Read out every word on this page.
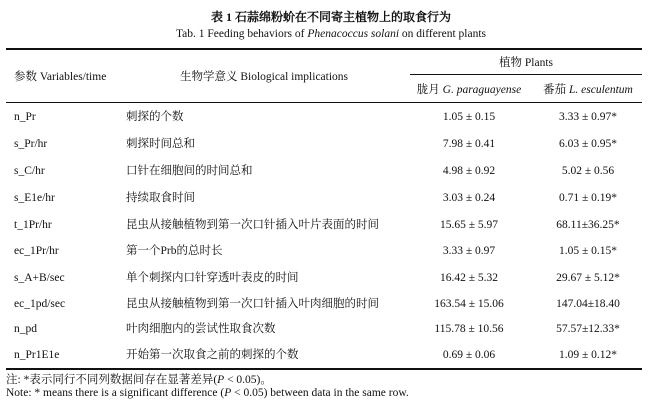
表 1 石蒜绵粉蚧在不同寄主植物上的取食行为
Tab. 1 Feeding behaviors of Phenacoccus solani on different plants
参数 Variables/time	生物学意义 Biological implications
植物 Plants
胧月 G. paraguayense	番茄 L. esculentum
n_Pr	刺探的个数	1.05 ± 0.15	3.33 ± 0.97*
s_Pr/hr	刺探时间总和	7.98 ± 0.41	6.03 ± 0.95*
s_C/hr	口针在细胞间的时间总和	4.98 ± 0.92	5.02 ± 0.56
s_E1e/hr	持续取食时间	3.03 ± 0.24	0.71 ± 0.19*
t_1Pr/hr	昆虫从接触植物到第一次口针插入叶片表面的时间	15.65 ± 5.97	68.11±36.25*
ec_1Pr/hr	第一个Prb的总时长	3.33 ± 0.97	1.05 ± 0.15*
s_A+B/sec	单个刺探内口针穿透叶表皮的时间	16.42 ± 5.32	29.67 ± 5.12*
ec_1pd/sec	昆虫从接触植物到第一次口针插入叶肉细胞的时间	163.54 ± 15.06	147.04±18.40
n_pd	叶肉细胞内的尝试性取食次数	115.78 ± 10.56	57.57±12.33*
n_Pr1E1e	开始第一次取食之前的刺探的个数	0.69 ± 0.06	1.09 ± 0.12*
注: *表示同行不同列数据间存在显著差异(P < 0.05)。
Note: * means there is a significant difference (P < 0.05) between data in the same row.
